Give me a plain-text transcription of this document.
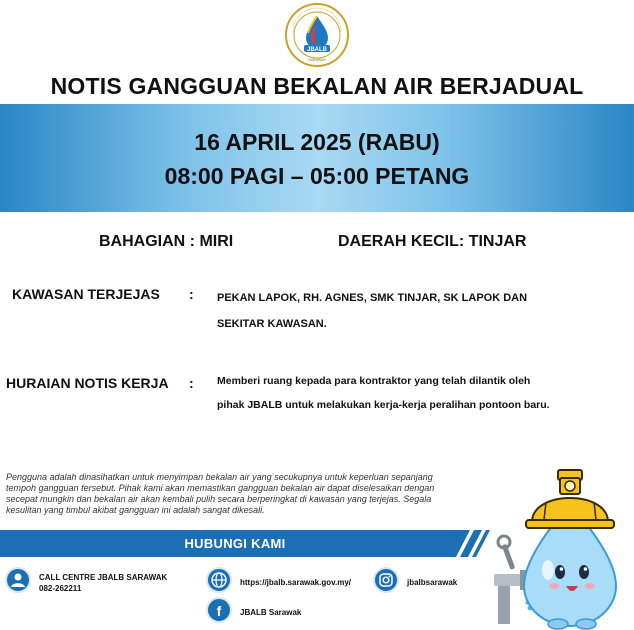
JBALB
SARAWAK
NOTIS GANGGUAN BEKALAN AIR BERJADUAL
16 APRIL 2025 (RABU)
08:00 PAGI – 05:00 PETANG
BAHAGIAN : MIRI	DAERAH KECIL: TINJAR
KAWASAN TERJEJAS : PEKAN LAPOK, RH. AGNES, SMK TINJAR, SK LAPOK DAN
SEKITAR KAWASAN.
HURAIAN NOTIS KERJA : Memberi ruang kepada para kontraktor yang telah dilantik oleh
pihak JBALB untuk melakukan kerja-kerja peralihan pontoon baru.
Pengguna adalah dinasihatkan untuk menyimpan bekalan air yang secukupnya untuk keperluan sepanjang tempoh gangguan tersebut. Pihak kami akan memastikan gangguan bekalan air dapat diselesaikan dengan secepat mungkin dan bekalan air akan kembali pulih secara berperingkat di kawasan yang terjejas. Segala kesulitan yang timbul akibat gangguan ini adalah sangat dikesali.
HUBUNGI KAMI
CALL CENTRE JBALB SARAWAK
082-262211
https://jbalb.sarawak.gov.my/	jbalbsarawak
f JBALB Sarawak
